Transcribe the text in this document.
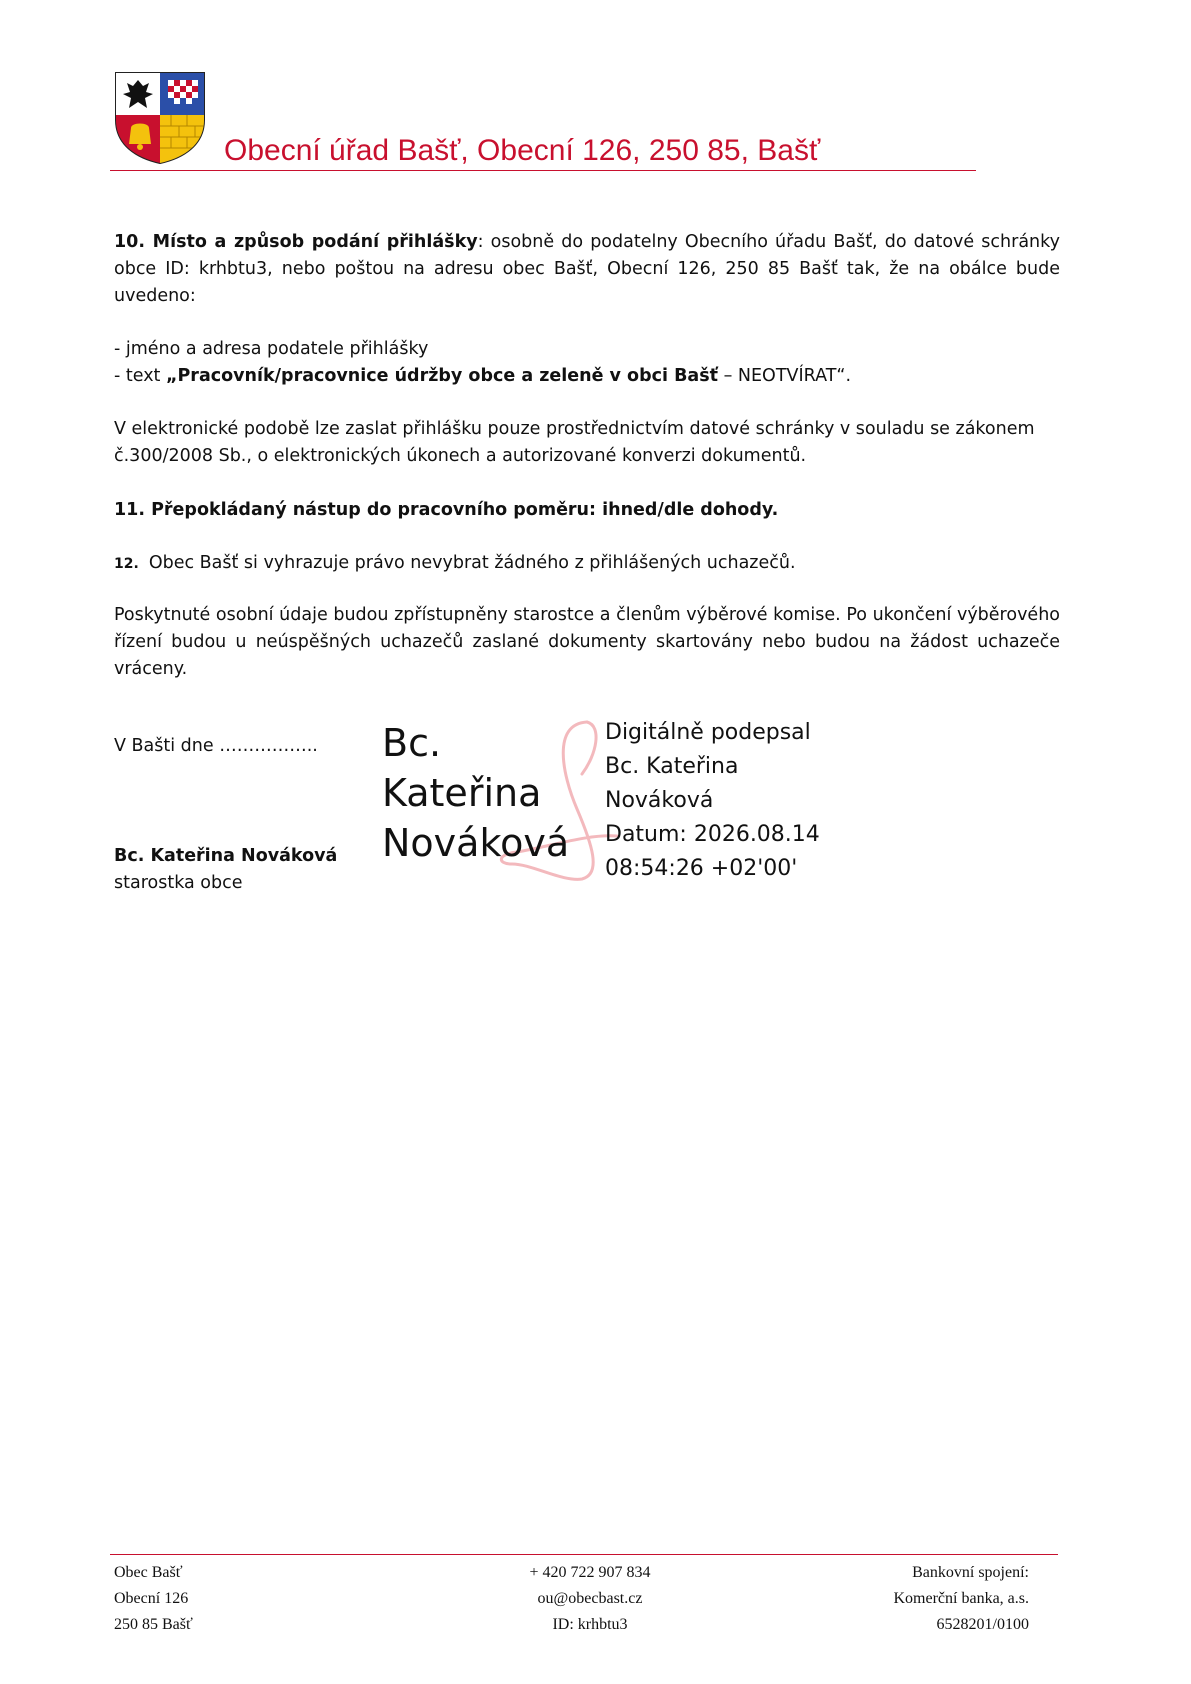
Obecní úřad Bašť, Obecní 126, 250 85, Bašť
10. Místo a způsob podání přihlášky: osobně do podatelny Obecního úřadu Bašť, do datové schránky obce ID: krhbtu3, nebo poštou na adresu obec Bašť, Obecní 126, 250 85 Bašť tak, že na obálce bude uvedeno:
- jméno a adresa podatele přihlášky
- text „Pracovník/pracovnice údržby obce a zeleně v obci Bašť – NEOTVÍRAT“.
V elektronické podobě lze zaslat přihlášku pouze prostřednictvím datové schránky v souladu se zákonem č.300/2008 Sb., o elektronických úkonech a autorizované konverzi dokumentů.
11. Přepokládaný nástup do pracovního poměru: ihned/dle dohody.
12. Obec Bašť si vyhrazuje právo nevybrat žádného z přihlášených uchazečů.
Poskytnuté osobní údaje budou zpřístupněny starostce a členům výběrové komise. Po ukončení výběrového řízení budou u neúspěšných uchazečů zaslané dokumenty skartovány nebo budou na žádost uchazeče vráceny.
V Bašti dne ……………..
Bc. Kateřina Nováková
starostka obce
Bc.
Kateřina
Nováková
Digitálně podepsal
Bc. Kateřina
Nováková
Datum: 2026.08.14
08:54:26 +02'00'
Obec Bašť
Obecní 126
250 85 Bašť
+ 420 722 907 834
ou@obecbast.cz
ID: krhbtu3
Bankovní spojení:
Komerční banka, a.s.
6528201/0100
